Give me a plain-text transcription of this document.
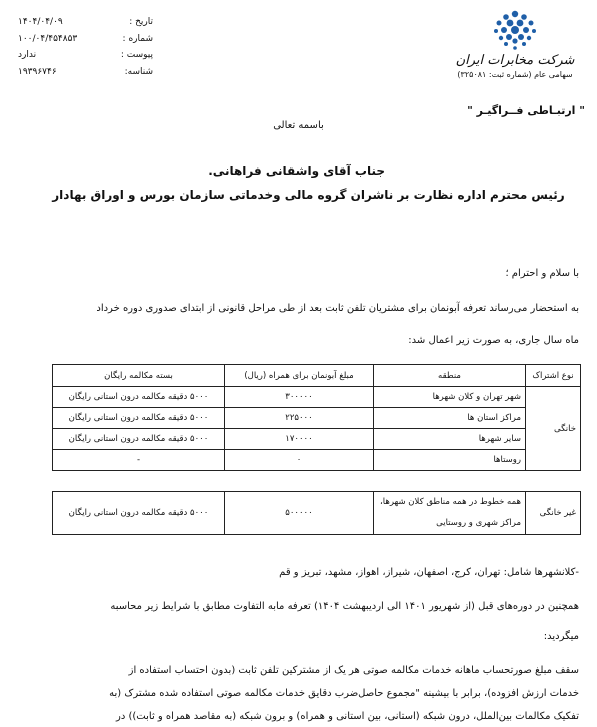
شرکت مخابرات ایران
سهامی عام (شماره ثبت: ۳۲۵۰۸۱)
تاریخ :
۱۴۰۴/۰۴/۰۹
شماره :
۱۰۰/۰۴/۴۵۴۸۵۳
پیوست :
ندارد
شناسه:
۱۹۳۹۶۷۴۶
" ارتبـاطی فــراگیـر "
باسمه تعالی
جناب آقای واشقانی فراهانی.
رئیس محترم اداره نظارت بر ناشران گروه مالی وخدماتی سازمان بورس و اوراق بهادار
با سلام و احترام ؛
به استحضار می‌رساند تعرفه آبونمان برای مشتریان تلفن ثابت بعد از طی مراحل قانونی از ابتدای صدوری دوره خرداد
ماه سال جاری، به صورت زیر اعمال شد:
نوع اشتراک	منطقه	مبلغ آبونمان برای همراه (ریال)	بسته مکالمه رایگان
خانگی	شهر تهران و کلان شهرها	۳۰۰۰۰۰	۵۰۰۰ دقیقه مکالمه درون استانی رایگان
	مراکز استان ها	۲۲۵۰۰۰	۵۰۰۰ دقیقه مکالمه درون استانی رایگان
	سایر شهرها	۱۷۰۰۰۰	۵۰۰۰ دقیقه مکالمه درون استانی رایگان
	روستاها	۰	-

غیر خانگی	همه خطوط در همه مناطق کلان شهرها،
مراکز شهری و روستایی	۵۰۰۰۰۰	۵۰۰۰ دقیقه مکالمه درون استانی رایگان
-کلانشهرها شامل: تهران، کرج، اصفهان، شیراز، اهواز، مشهد، تبریز و قم
همچنین در دوره‌های قبل (از شهریور ۱۴۰۱ الی اردیبهشت ۱۴۰۴) تعرفه مابه التفاوت مطابق با شرایط زیر محاسبه
میگردید:
سقف مبلغ صورتحساب ماهانه خدمات مکالمه صوتی هر یک از مشترکین تلفن ثابت (بدون احتساب استفاده از
خدمات ارزش افزوده)، برابر با بیشینه "مجموع حاصل‌ضرب دقایق خدمات مکالمه صوتی استفاده شده مشترک (به
تفکیک مکالمات بین‌الملل، درون شبکه (استانی، بین استانی و همراه) و برون شبکه (به مقاصد همراه و ثابت)) در
